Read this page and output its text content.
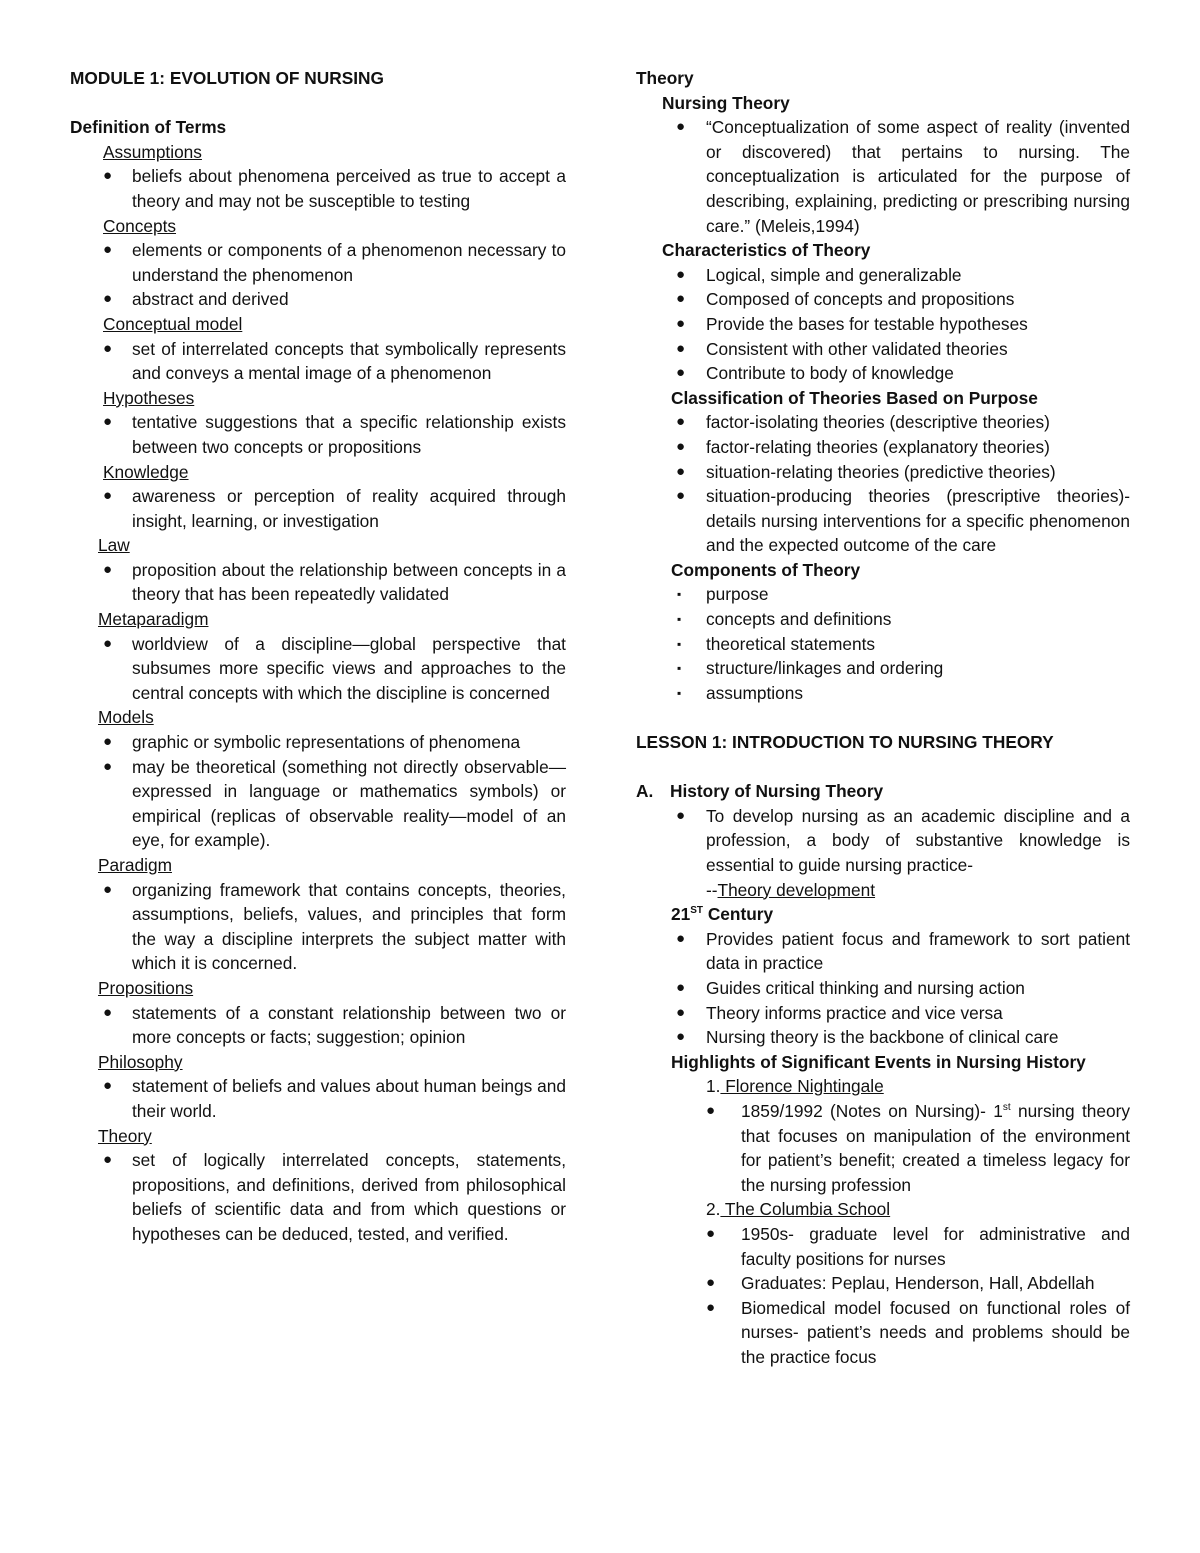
MODULE 1: EVOLUTION OF NURSING
Definition of Terms
Assumptions
● beliefs about phenomena perceived as true to accept a theory and may not be susceptible to testing
Concepts
● elements or components of a phenomenon necessary to understand the phenomenon
● abstract and derived
Conceptual model
● set of interrelated concepts that symbolically represents and conveys a mental image of a phenomenon
Hypotheses
● tentative suggestions that a specific relationship exists between two concepts or propositions
Knowledge
● awareness or perception of reality acquired through insight, learning, or investigation
Law
● proposition about the relationship between concepts in a theory that has been repeatedly validated
Metaparadigm
● worldview of a discipline—global perspective that subsumes more specific views and approaches to the central concepts with which the discipline is concerned
Models
● graphic or symbolic representations of phenomena
● may be theoretical (something not directly observable—expressed in language or mathematics symbols) or empirical (replicas of observable reality—model of an eye, for example).
Paradigm
● organizing framework that contains concepts, theories, assumptions, beliefs, values, and principles that form the way a discipline interprets the subject matter with which it is concerned.
Propositions
● statements of a constant relationship between two or more concepts or facts; suggestion; opinion
Philosophy
● statement of beliefs and values about human beings and their world.
Theory
● set of logically interrelated concepts, statements, propositions, and definitions, derived from philosophical beliefs of scientific data and from which questions or hypotheses can be deduced, tested, and verified.
Theory
Nursing Theory
● “Conceptualization of some aspect of reality (invented or discovered) that pertains to nursing. The conceptualization is articulated for the purpose of describing, explaining, predicting or prescribing nursing care.” (Meleis,1994)
Characteristics of Theory
● Logical, simple and generalizable
● Composed of concepts and propositions
● Provide the bases for testable hypotheses
● Consistent with other validated theories
● Contribute to body of knowledge
Classification of Theories Based on Purpose
● factor-isolating theories (descriptive theories)
● factor-relating theories (explanatory theories)
● situation-relating theories (predictive theories)
● situation-producing theories (prescriptive theories)- details nursing interventions for a specific phenomenon and the expected outcome of the care
Components of Theory
▪ purpose
▪ concepts and definitions
▪ theoretical statements
▪ structure/linkages and ordering
▪ assumptions
LESSON 1: INTRODUCTION TO NURSING THEORY
A. History of Nursing Theory
● To develop nursing as an academic discipline and a profession, a body of substantive knowledge is essential to guide nursing practice-
--Theory development
21ST Century
● Provides patient focus and framework to sort patient data in practice
● Guides critical thinking and nursing action
● Theory informs practice and vice versa
● Nursing theory is the backbone of clinical care
Highlights of Significant Events in Nursing History
1. Florence Nightingale
● 1859/1992 (Notes on Nursing)- 1st nursing theory that focuses on manipulation of the environment for patient’s benefit; created a timeless legacy for the nursing profession
2. The Columbia School
● 1950s- graduate level for administrative and faculty positions for nurses
● Graduates: Peplau, Henderson, Hall, Abdellah
● Biomedical model focused on functional roles of nurses- patient’s needs and problems should be the practice focus
